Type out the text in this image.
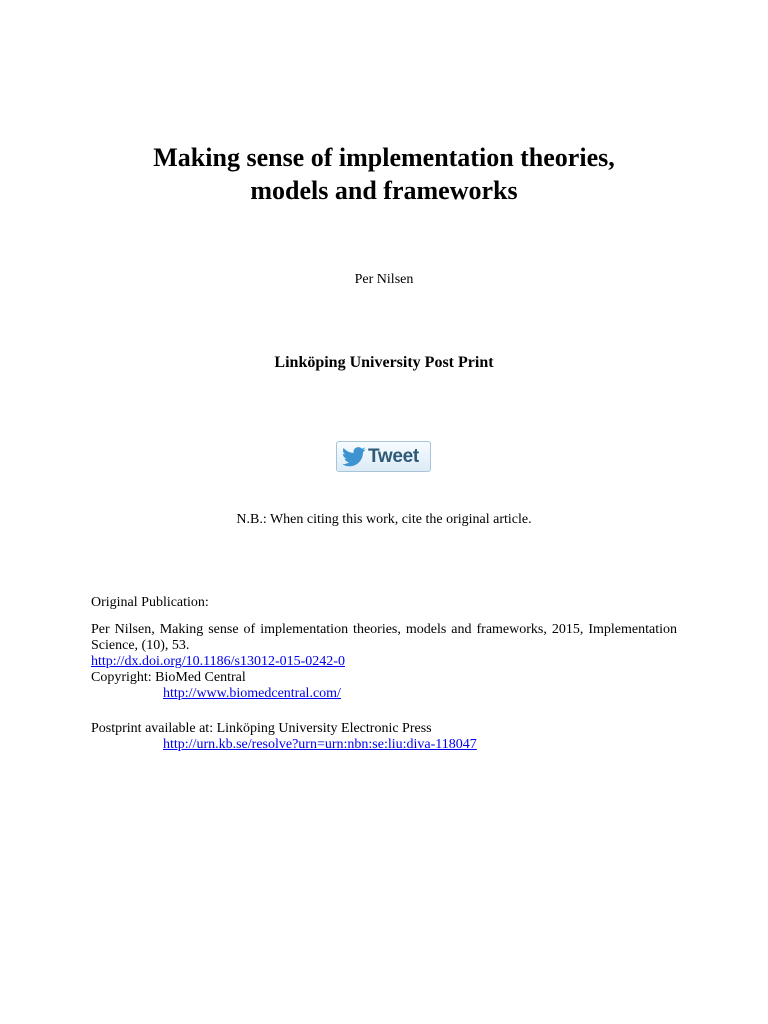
Making sense of implementation theories,
models and frameworks
Per Nilsen
Linköping University Post Print
Tweet
N.B.: When citing this work, cite the original article.
Original Publication:
Per Nilsen, Making sense of implementation theories, models and frameworks, 2015, Implementation Science, (10), 53.
http://dx.doi.org/10.1186/s13012-015-0242-0
Copyright: BioMed Central
http://www.biomedcentral.com/
Postprint available at: Linköping University Electronic Press
http://urn.kb.se/resolve?urn=urn:nbn:se:liu:diva-118047
